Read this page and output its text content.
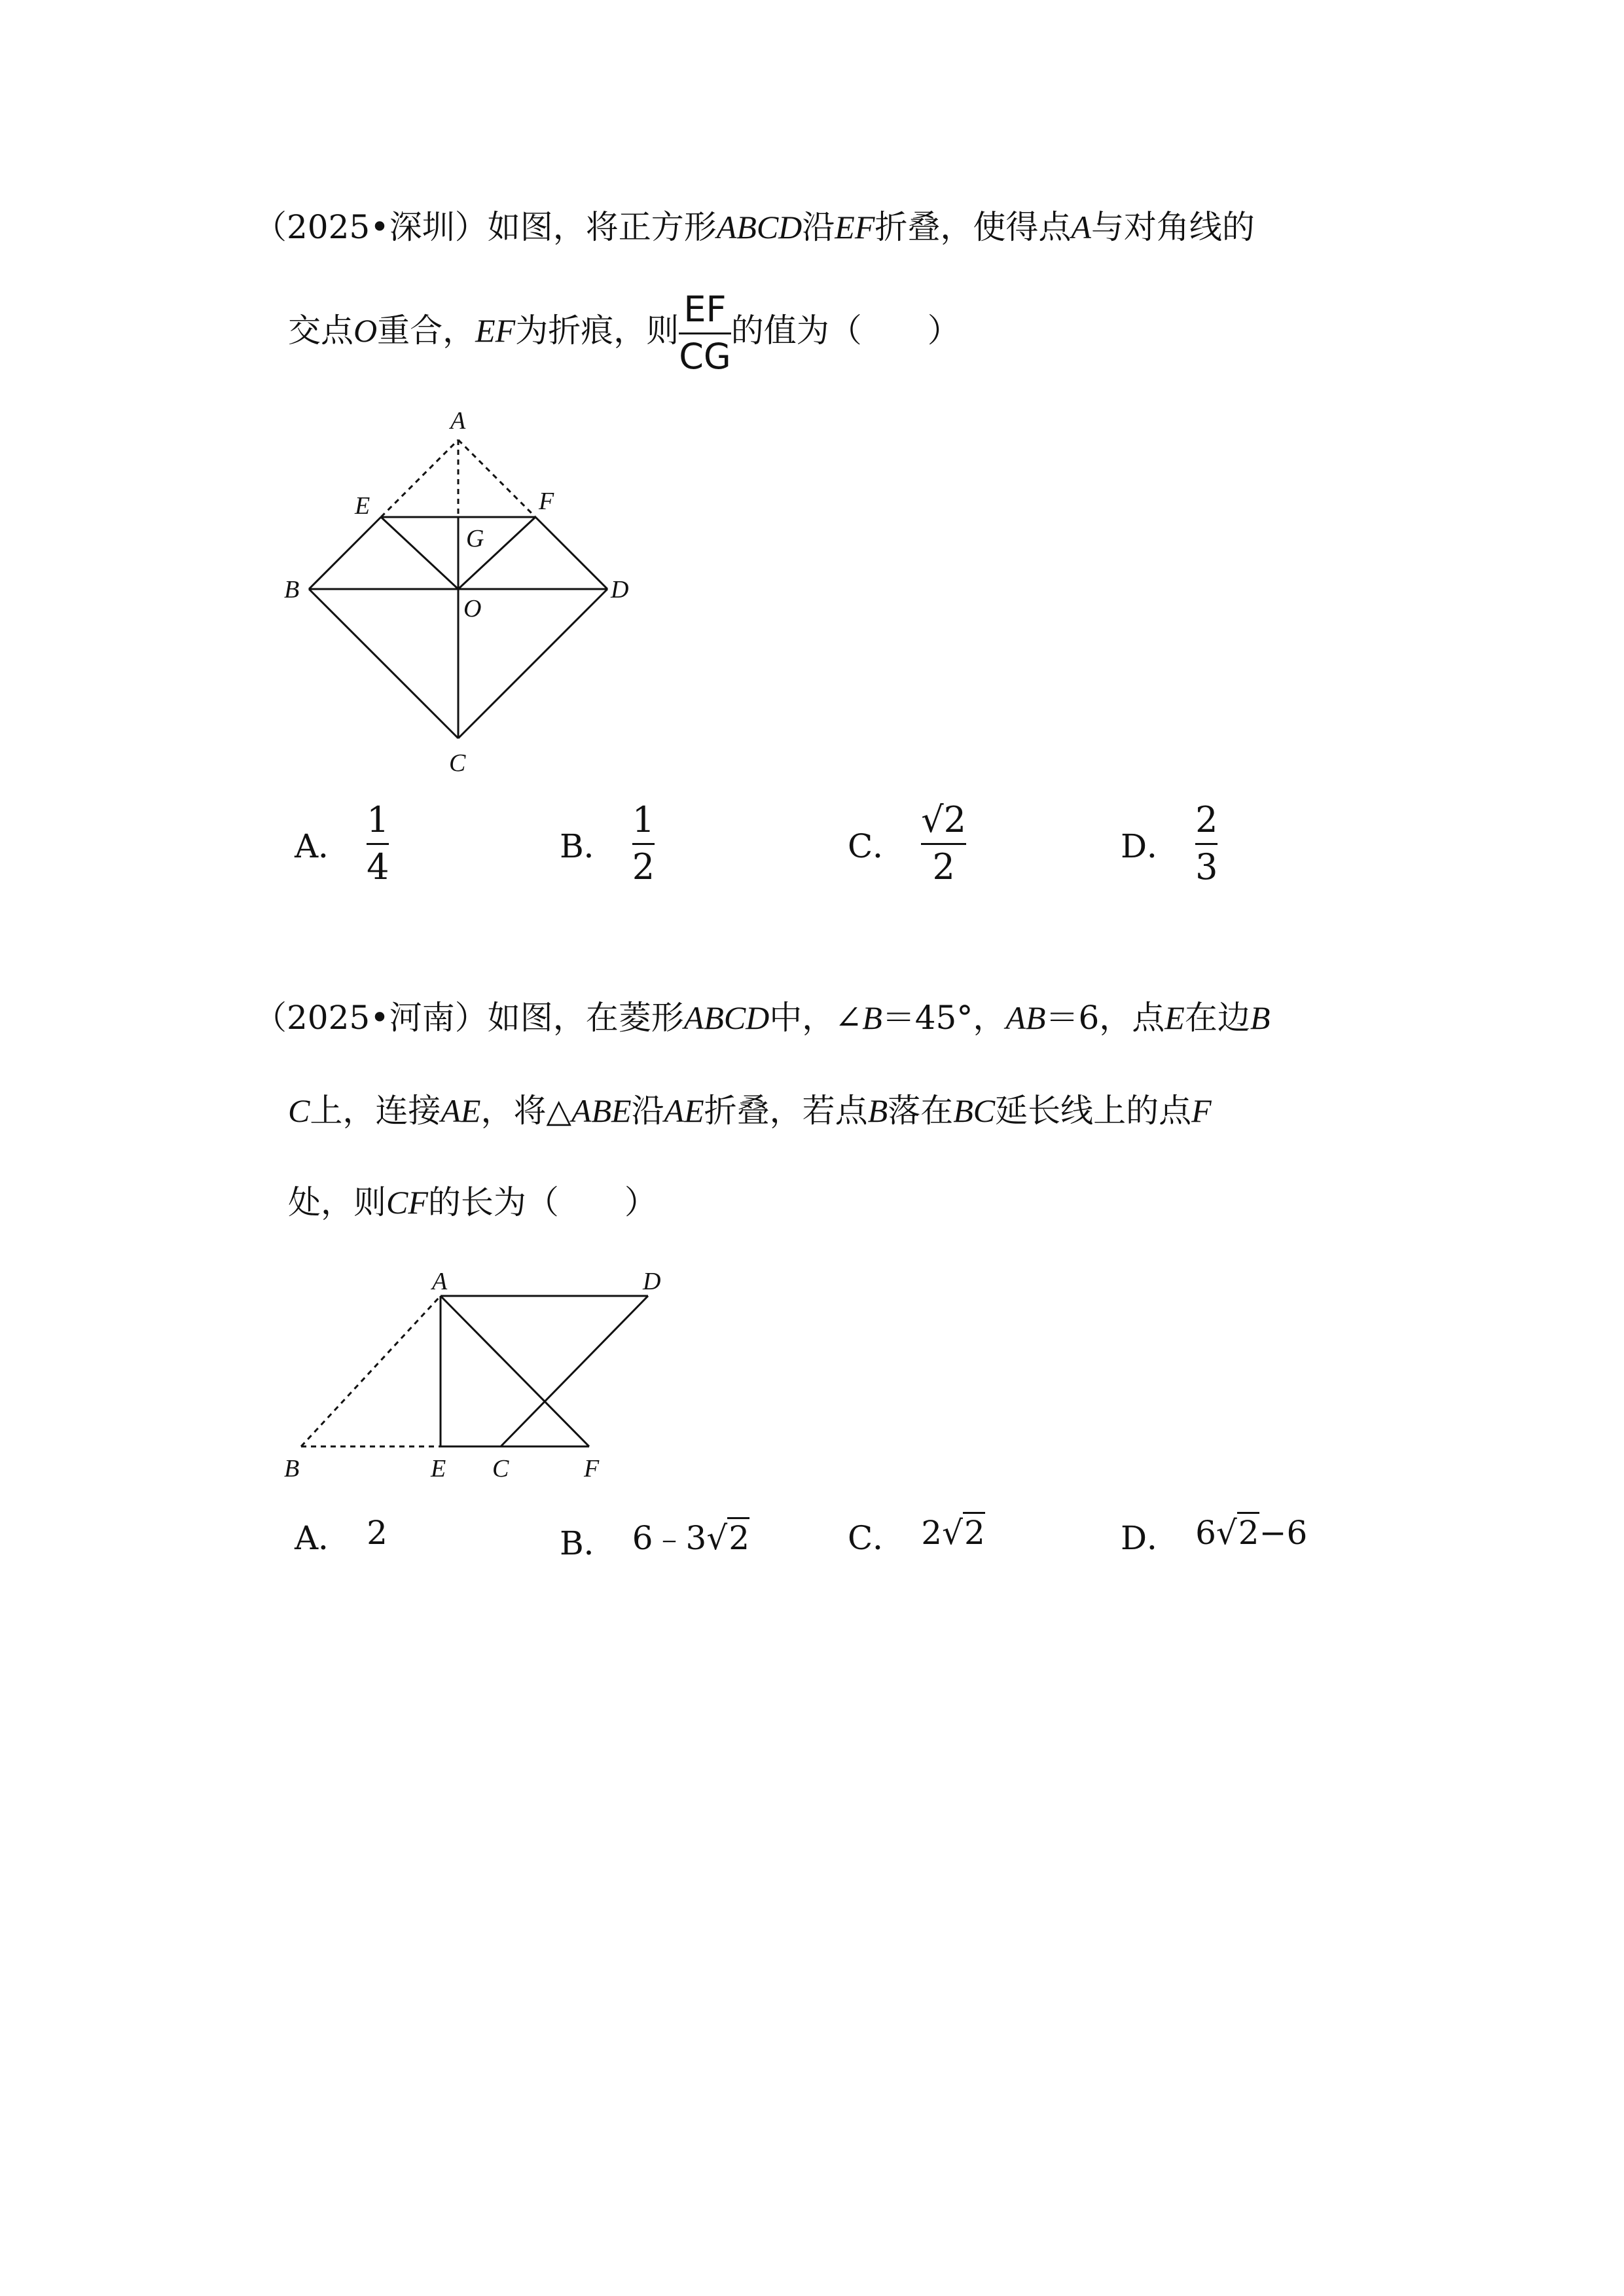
（2025•深圳）如图，将正方形ABCD沿EF折叠，使得点A与对角线的
交点O重合，EF为折痕，则 $\frac{EF}{CG}$ 的值为（　　）
A
E	F
G
B
O
D
C
A． $\frac{1}{4}$	B． $\frac{1}{2}$	C． $\frac{√2}{2}$	D． $\frac{2}{3}$
（2025•河南）如图，在菱形ABCD中，∠B＝45°，AB＝6，点E在边B
C上，连接AE，将△ABE沿AE折叠，若点B落在BC延长线上的点F
处，则CF的长为（　　）
A	D
B	E C	F
A． 2	B． 6﹣3√2	C． 2√2	D． 6√2−6
